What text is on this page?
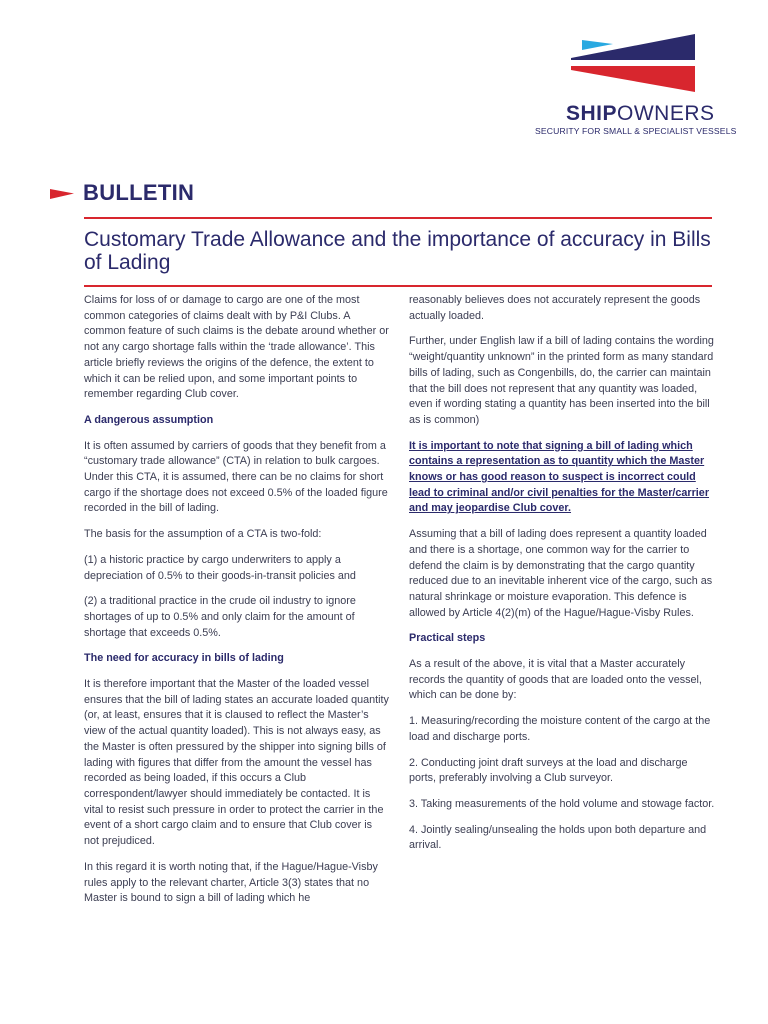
SHIPOWNERS
SECURITY FOR SMALL & SPECIALIST VESSELS
BULLETIN
Customary Trade Allowance and the importance of accuracy in Bills of Lading

Claims for loss of or damage to cargo are one of the most common categories of claims dealt with by P&I Clubs. A common feature of such claims is the debate around whether or not any cargo shortage falls within the ‘trade allowance’. This article briefly reviews the origins of the defence, the extent to which it can be relied upon, and some important points to remember regarding Club cover.

A dangerous assumption

It is often assumed by carriers of goods that they benefit from a “customary trade allowance” (CTA) in relation to bulk cargoes. Under this CTA, it is assumed, there can be no claims for short cargo if the shortage does not exceed 0.5% of the loaded figure recorded in the bill of lading.

The basis for the assumption of a CTA is two-fold:

(1) a historic practice by cargo underwriters to apply a depreciation of 0.5% to their goods-in-transit policies and

(2) a traditional practice in the crude oil industry to ignore shortages of up to 0.5% and only claim for the amount of shortage that exceeds 0.5%.

The need for accuracy in bills of lading

It is therefore important that the Master of the loaded vessel ensures that the bill of lading states an accurate loaded quantity (or, at least, ensures that it is claused to reflect the Master’s view of the actual quantity loaded). This is not always easy, as the Master is often pressured by the shipper into signing bills of lading with figures that differ from the amount the vessel has recorded as being loaded, if this occurs a Club correspondent/lawyer should immediately be contacted. It is vital to resist such pressure in order to protect the carrier in the event of a short cargo claim and to ensure that Club cover is not prejudiced.

In this regard it is worth noting that, if the Hague/Hague-Visby rules apply to the relevant charter, Article 3(3) states that no Master is bound to sign a bill of lading which he

reasonably believes does not accurately represent the goods actually loaded.

Further, under English law if a bill of lading contains the wording “weight/quantity unknown” in the printed form as many standard bills of lading, such as Congenbills, do, the carrier can maintain that the bill does not represent that any quantity was loaded, even if wording stating a quantity has been inserted into the bill as is common)

It is important to note that signing a bill of lading which contains a representation as to quantity which the Master knows or has good reason to suspect is incorrect could lead to criminal and/or civil penalties for the Master/carrier and may jeopardise Club cover.

Assuming that a bill of lading does represent a quantity loaded and there is a shortage, one common way for the carrier to defend the claim is by demonstrating that the cargo quantity reduced due to an inevitable inherent vice of the cargo, such as natural shrinkage or moisture evaporation. This defence is allowed by Article 4(2)(m) of the Hague/Hague-Visby Rules.

Practical steps

As a result of the above, it is vital that a Master accurately records the quantity of goods that are loaded onto the vessel, which can be done by:

1. Measuring/recording the moisture content of the cargo at the load and discharge ports.

2. Conducting joint draft surveys at the load and discharge ports, preferably involving a Club surveyor.

3. Taking measurements of the hold volume and stowage factor.

4. Jointly sealing/unsealing the holds upon both departure and arrival.
